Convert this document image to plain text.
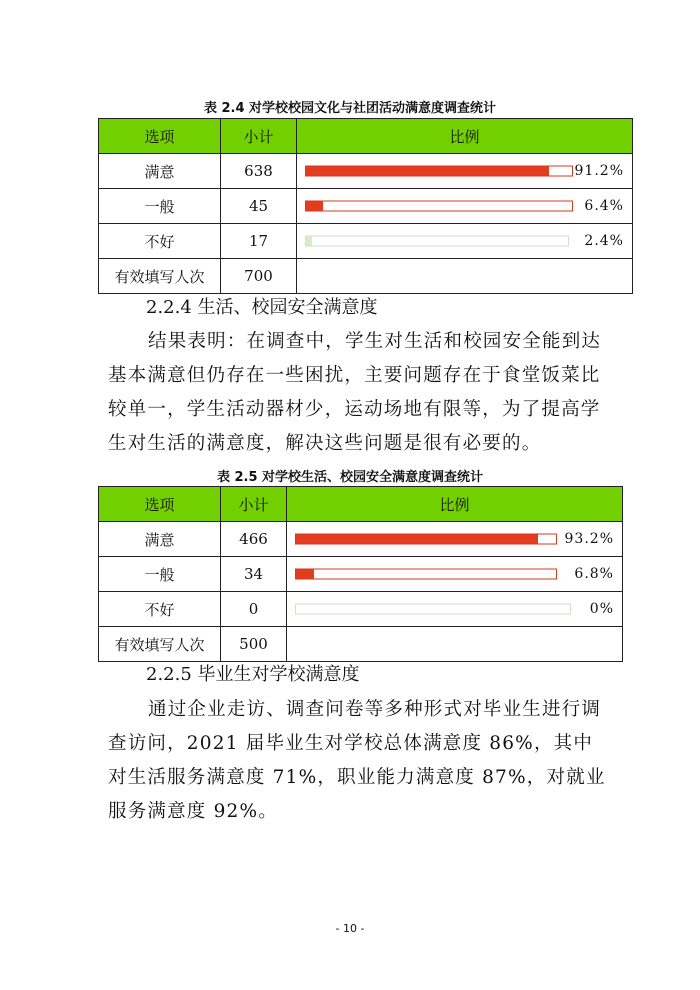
表 2.4 对学校校园文化与社团活动满意度调查统计
选项	小计	比例
满意	638	91.2%

一般	45	6.4%

不好	17	2.4%

有效填写人次	700	
2.2.4 生活、校园安全满意度
结果表明：在调查中，学生对生活和校园安全能到达基本满意但仍存在一些困扰，主要问题存在于食堂饭菜比较单一，学生活动器材少，运动场地有限等，为了提高学生对生活的满意度，解决这些问题是很有必要的。
表 2.5 对学校生活、校园安全满意度调查统计
选项	小计	比例
满意	466	93.2%

一般	34	6.8%

不好	0	0%

有效填写人次	500	
2.2.5 毕业生对学校满意度
通过企业走访、调查问卷等多种形式对毕业生进行调查访问，2021 届毕业生对学校总体满意度 86%，其中对生活服务满意度 71%，职业能力满意度 87%，对就业服务满意度 92%。
- 10 -
